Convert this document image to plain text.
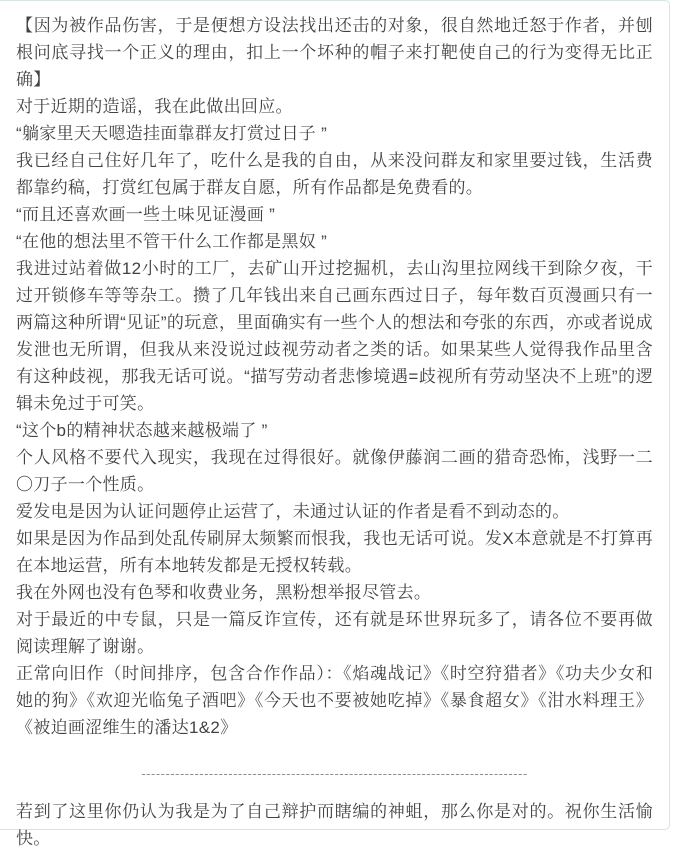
【因为被作品伤害，于是便想方设法找出还击的对象，很自然地迁怒于作者，并刨根问底寻找一个正义的理由，扣上一个坏种的帽子来打靶使自己的行为变得无比正确】

对于近期的造谣，我在此做出回应。

“躺家里天天嗯造挂面靠群友打赏过日子 ”

我已经自己住好几年了，吃什么是我的自由，从来没问群友和家里要过钱，生活费都靠约稿，打赏红包属于群友自愿，所有作品都是免费看的。

“而且还喜欢画一些土味见证漫画 ”

“在他的想法里不管干什么工作都是黑奴 ”

我进过站着做12小时的工厂，去矿山开过挖掘机，去山沟里拉网线干到除夕夜，干过开锁修车等等杂工。攒了几年钱出来自己画东西过日子，每年数百页漫画只有一两篇这种所谓“见证”的玩意，里面确实有一些个人的想法和夸张的东西，亦或者说成发泄也无所谓，但我从来没说过歧视劳动者之类的话。如果某些人觉得我作品里含有这种歧视，那我无话可说。“描写劳动者悲惨境遇=歧视所有劳动坚决不上班”的逻辑未免过于可笑。

“这个b的精神状态越来越极端了 ”

个人风格不要代入现实，我现在过得很好。就像伊藤润二画的猎奇恐怖，浅野一二〇刀子一个性质。

爱发电是因为认证问题停止运营了，未通过认证的作者是看不到动态的。

如果是因为作品到处乱传刷屏太频繁而恨我，我也无话可说。发X本意就是不打算再在本地运营，所有本地转发都是无授权转载。

我在外网也没有色琴和收费业务，黑粉想举报尽管去。

对于最近的中专鼠，只是一篇反诈宣传，还有就是环世界玩多了，请各位不要再做阅读理解了谢谢。

正常向旧作（时间排序，包含合作作品）：《焰魂战记》《时空狩猎者》《功夫少女和她的狗》《欢迎光临兔子酒吧》《今天也不要被她吃掉》《暴食超女》《泔水料理王》《被迫画涩维生的潘达1&2》

--------------------------------------------------------------------------------

若到了这里你仍认为我是为了自己辩护而瞎编的神蛆，那么你是对的。祝你生活愉快。
